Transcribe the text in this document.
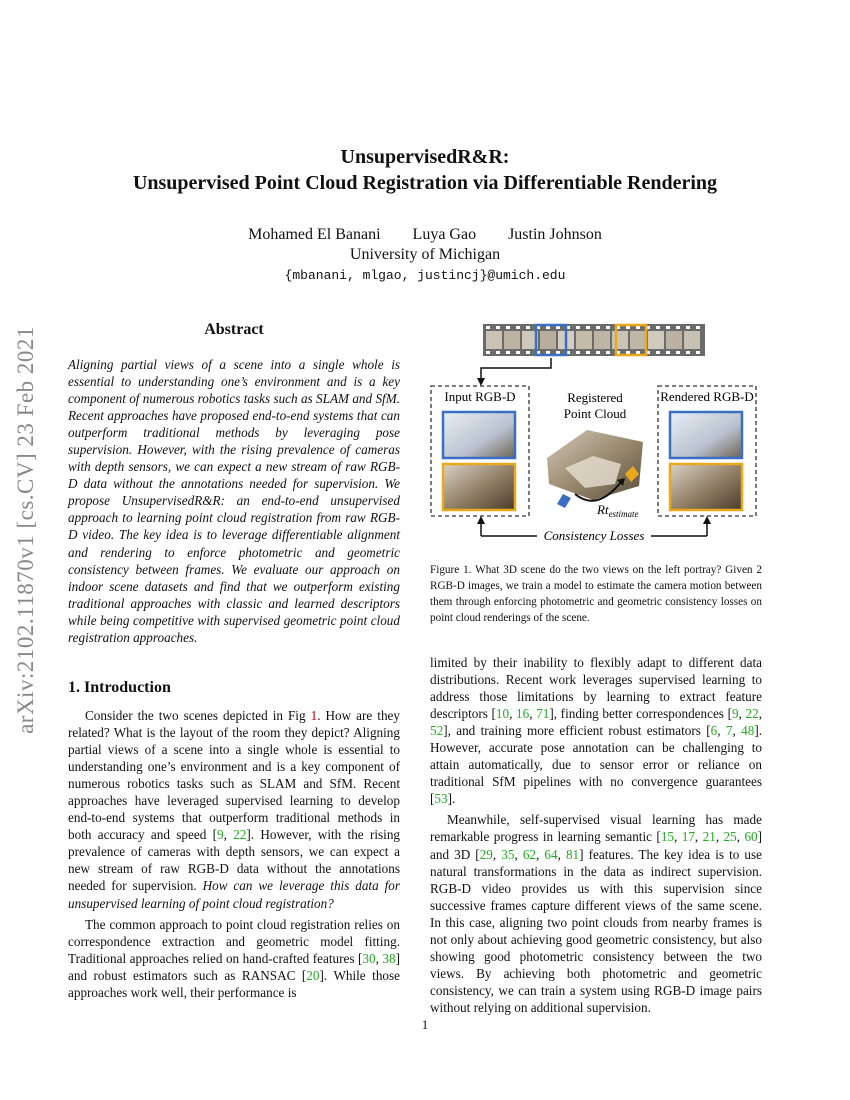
UnsupervisedR&R:
Unsupervised Point Cloud Registration via Differentiable Rendering
Mohamed El Banani Luya Gao Justin Johnson
University of Michigan
{mbanani, mlgao, justincj}@umich.edu
arXiv:2102.11870v1 [cs.CV] 23 Feb 2021	Abstract
Aligning partial views of a scene into a single whole is essential to understanding one’s environment and is a key component of numerous robotics tasks such as SLAM and SfM. Recent approaches have proposed end-to-end systems that can outperform traditional methods by leveraging pose supervision. However, with the rising prevalence of cameras with depth sensors, we can expect a new stream of raw RGB-D data without the annotations needed for supervision. We propose UnsupervisedR&R: an end-to-end unsupervised approach to learning point cloud registration from raw RGB-D video. The key idea is to leverage differentiable alignment and rendering to enforce photometric and geometric consistency between frames. We evaluate our approach on indoor scene datasets and find that we outperform existing traditional approaches with classic and learned descriptors while being competitive with supervised geometric point cloud registration approaches.
Input RGB-D	Registered
Point Cloud
$Rt_{estimate}$
Rendered RGB-D
Consistency Losses
Figure 1. What 3D scene do the two views on the left portray? Given 2 RGB-D images, we train a model to estimate the camera motion between them through enforcing photometric and geometric consistency losses on point cloud renderings of the scene.
1. Introduction

Consider the two scenes depicted in Fig 1. How are they related? What is the layout of the room they depict? Aligning partial views of a scene into a single whole is essential to understanding one’s environment and is a key component of numerous robotics tasks such as SLAM and SfM. Recent approaches have leveraged supervised learning to develop end-to-end systems that outperform traditional methods in both accuracy and speed [9, 22]. However, with the rising prevalence of cameras with depth sensors, we can expect a new stream of raw RGB-D data without the annotations needed for supervision. How can we leverage this data for unsupervised learning of point cloud registration?

The common approach to point cloud registration relies on correspondence extraction and geometric model fitting. Traditional approaches relied on hand-crafted features [30, 38] and robust estimators such as RANSAC [20]. While those approaches work well, their performance is

limited by their inability to flexibly adapt to different data distributions. Recent work leverages supervised learning to address those limitations by learning to extract feature descriptors [10, 16, 71], finding better correspondences [9, 22, 52], and training more efficient robust estimators [6, 7, 48]. However, accurate pose annotation can be challenging to attain automatically, due to sensor error or reliance on traditional SfM pipelines with no convergence guarantees [53].

Meanwhile, self-supervised visual learning has made remarkable progress in learning semantic [15, 17, 21, 25, 60] and 3D [29, 35, 62, 64, 81] features. The key idea is to use natural transformations in the data as indirect supervision. RGB-D video provides us with this supervision since successive frames capture different views of the same scene. In this case, aligning two point clouds from nearby frames is not only about achieving good geometric consistency, but also showing good photometric consistency between the two views. By achieving both photometric and geometric consistency, we can train a system using RGB-D image pairs without relying on additional supervision.

1
